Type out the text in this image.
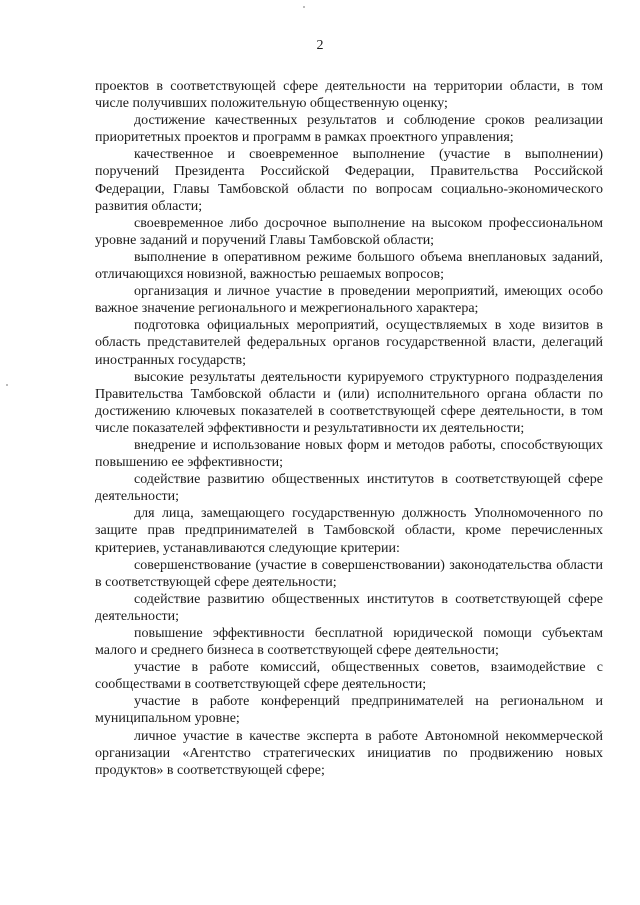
2

проектов в соответствующей сфере деятельности на территории области, в том числе получивших положительную общественную оценку;

достижение качественных результатов и соблюдение сроков реализации приоритетных проектов и программ в рамках проектного управления;

качественное и своевременное выполнение (участие в выполнении) поручений Президента Российской Федерации, Правительства Российской Федерации, Главы Тамбовской области по вопросам социально-экономического развития области;

своевременное либо досрочное выполнение на высоком профессиональном уровне заданий и поручений Главы Тамбовской области;

выполнение в оперативном режиме большого объема внеплановых заданий, отличающихся новизной, важностью решаемых вопросов;

организация и личное участие в проведении мероприятий, имеющих особо важное значение регионального и межрегионального характера;

подготовка официальных мероприятий, осуществляемых в ходе визитов в область представителей федеральных органов государственной власти, делегаций иностранных государств;

высокие результаты деятельности курируемого структурного подразделения Правительства Тамбовской области и (или) исполнительного органа области по достижению ключевых показателей в соответствующей сфере деятельности, в том числе показателей эффективности и результативности их деятельности;

внедрение и использование новых форм и методов работы, способствующих повышению ее эффективности;

содействие развитию общественных институтов в соответствующей сфере деятельности;

для лица, замещающего государственную должность Уполномоченного по защите прав предпринимателей в Тамбовской области, кроме перечисленных критериев, устанавливаются следующие критерии:

совершенствование (участие в совершенствовании) законодательства области в соответствующей сфере деятельности;

содействие развитию общественных институтов в соответствующей сфере деятельности;

повышение эффективности бесплатной юридической помощи субъектам малого и среднего бизнеса в соответствующей сфере деятельности;

участие в работе комиссий, общественных советов, взаимодействие с сообществами в соответствующей сфере деятельности;

участие в работе конференций предпринимателей на региональном и муниципальном уровне;

личное участие в качестве эксперта в работе Автономной некоммерческой организации «Агентство стратегических инициатив по продвижению новых продуктов» в соответствующей сфере;
